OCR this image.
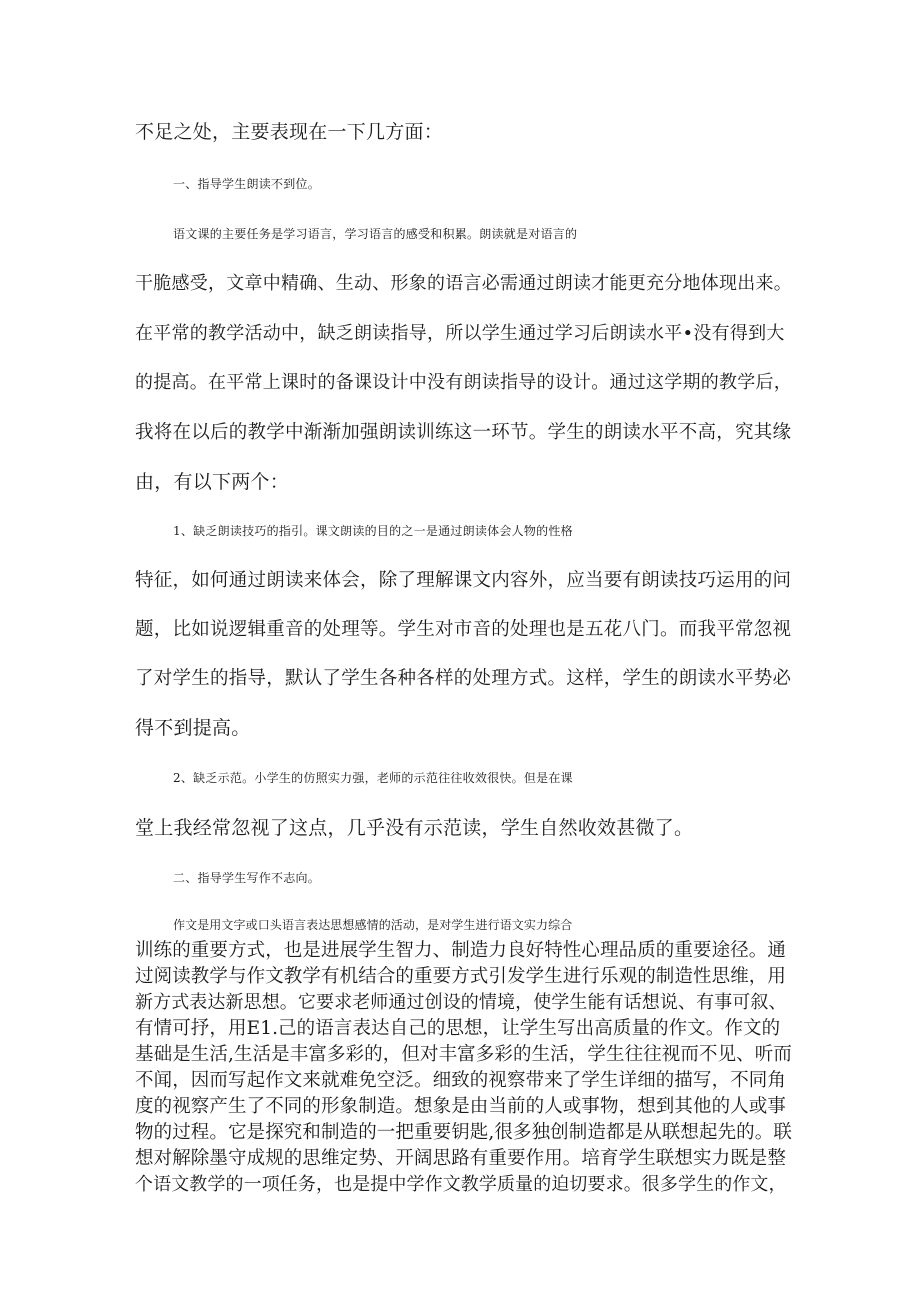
不足之处，主要表现在一下几方面：
一、指导学生朗读不到位。
语文课的主要任务是学习语言，学习语言的感受和积累。朗读就是对语言的
干脆感受，文章中精确、生动、形象的语言必需通过朗读才能更充分地体现出来。
在平常的教学活动中，缺乏朗读指导，所以学生通过学习后朗读水平•没有得到大
的提高。在平常上课时的备课设计中没有朗读指导的设计。通过这学期的教学后，
我将在以后的教学中渐渐加强朗读训练这一环节。学生的朗读水平不高，究其缘
由，有以下两个：
1、缺乏朗读技巧的指引。课文朗读的目的之一是通过朗读体会人物的性格
特征，如何通过朗读来体会，除了理解课文内容外，应当要有朗读技巧运用的问
题，比如说逻辑重音的处理等。学生对市音的处理也是五花八门。而我平常忽视
了对学生的指导，默认了学生各种各样的处理方式。这样，学生的朗读水平势必
得不到提高。
2、缺乏示范。小学生的仿照实力强，老师的示范往往收效很快。但是在课
堂上我经常忽视了这点，几乎没有示范读，学生自然收效甚微了。
二、指导学生写作不志向。
作文是用文字或口头语言表达思想感情的活动，是对学生进行语文实力综合
训练的重要方式，也是进展学生智力、制造力良好特性心理品质的重要途径。通
过阅读教学与作文教学有机结合的重要方式引发学生进行乐观的制造性思维，用
新方式表达新思想。它要求老师通过创设的情境，使学生能有话想说、有事可叙、
有情可抒，用E1.己的语言表达自己的思想，让学生写出高质量的作文。作文的
基础是生活,生活是丰富多彩的，但对丰富多彩的生活，学生往往视而不见、听而
不闻，因而写起作文来就难免空泛。细致的视察带来了学生详细的描写，不同角
度的视察产生了不同的形象制造。想象是由当前的人或事物，想到其他的人或事
物的过程。它是探究和制造的一把重要钥匙,很多独创制造都是从联想起先的。联
想对解除墨守成规的思维定势、开阔思路有重要作用。培育学生联想实力既是整
个语文教学的一项任务，也是提中学作文教学质量的迫切要求。很多学生的作文，
